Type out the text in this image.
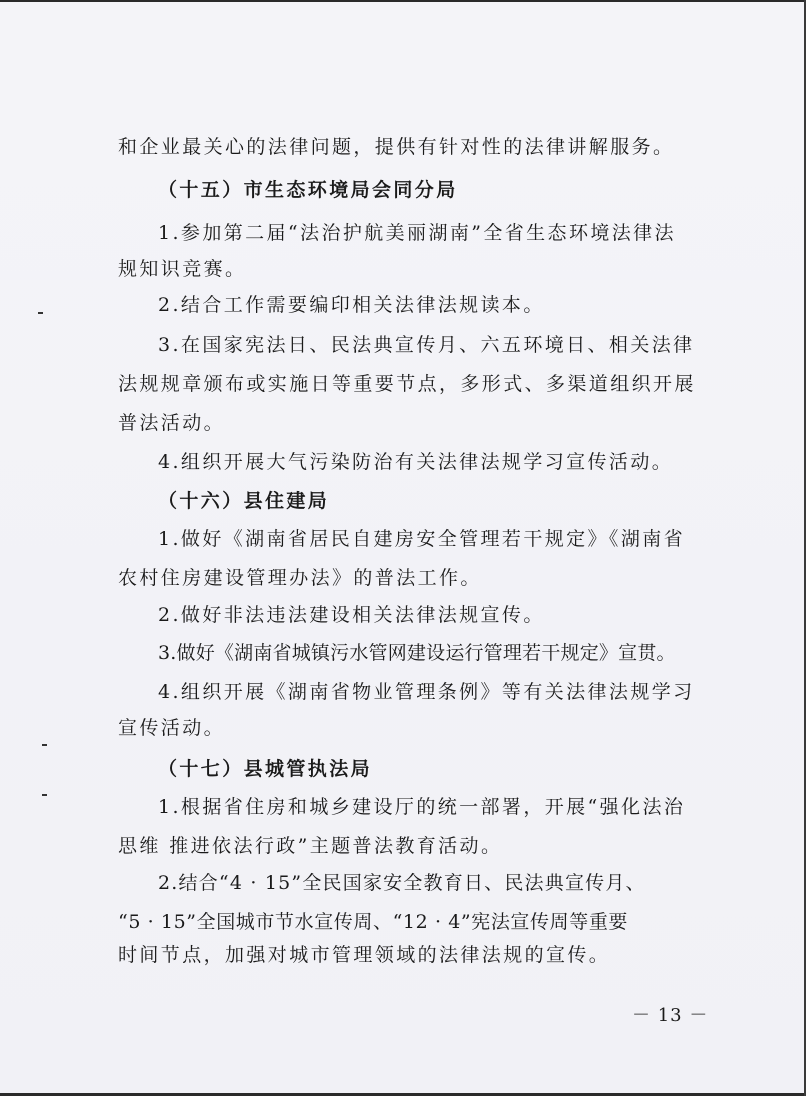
和企业最关心的法律问题，提供有针对性的法律讲解服务。
（十五）市生态环境局会同分局
1.参加第二届“法治护航美丽湖南”全省生态环境法律法
规知识竞赛。
2.结合工作需要编印相关法律法规读本。
3.在国家宪法日、民法典宣传月、六五环境日、相关法律
法规规章颁布或实施日等重要节点，多形式、多渠道组织开展
普法活动。
4.组织开展大气污染防治有关法律法规学习宣传活动。
（十六）县住建局
1.做好《湖南省居民自建房安全管理若干规定》《湖南省
农村住房建设管理办法》的普法工作。
2.做好非法违法建设相关法律法规宣传。
3.做好《湖南省城镇污水管网建设运行管理若干规定》宣贯。
4.组织开展《湖南省物业管理条例》等有关法律法规学习
宣传活动。
（十七）县城管执法局
1.根据省住房和城乡建设厅的统一部署，开展“强化法治
思维 推进依法行政”主题普法教育活动。
2.结合“4 · 15”全民国家安全教育日、民法典宣传月、
“5 · 15”全国城市节水宣传周、“12 · 4”宪法宣传周等重要
时间节点，加强对城市管理领域的法律法规的宣传。
－ 13 －
